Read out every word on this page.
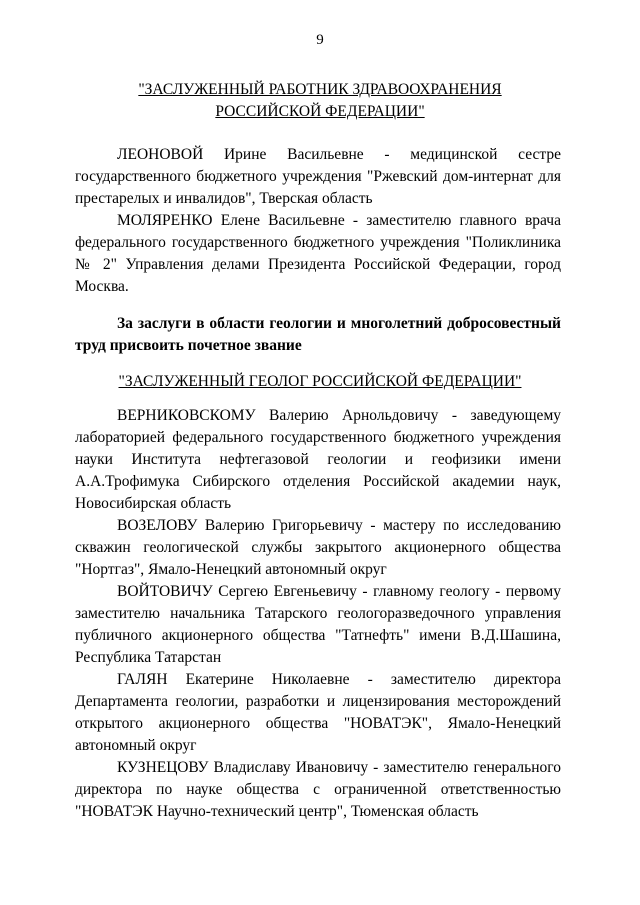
9
"ЗАСЛУЖЕННЫЙ РАБОТНИК ЗДРАВООХРАНЕНИЯ
РОССИЙСКОЙ ФЕДЕРАЦИИ"

ЛЕОНОВОЙ Ирине Васильевне - медицинской сестре государственного бюджетного учреждения "Ржевский дом-интернат для престарелых и инвалидов", Тверская область

МОЛЯРЕНКО Елене Васильевне - заместителю главного врача федерального государственного бюджетного учреждения "Поликлиника № 2" Управления делами Президента Российской Федерации, город Москва.

За заслуги в области геологии и многолетний добросовестный труд присвоить почетное звание

"ЗАСЛУЖЕННЫЙ ГЕОЛОГ РОССИЙСКОЙ ФЕДЕРАЦИИ"

ВЕРНИКОВСКОМУ Валерию Арнольдовичу - заведующему лабораторией федерального государственного бюджетного учреждения науки Института нефтегазовой геологии и геофизики имени А.А.Трофимука Сибирского отделения Российской академии наук, Новосибирская область

ВОЗЕЛОВУ Валерию Григорьевичу - мастеру по исследованию скважин геологической службы закрытого акционерного общества "Нортгаз", Ямало-Ненецкий автономный округ

ВОЙТОВИЧУ Сергею Евгеньевичу - главному геологу - первому заместителю начальника Татарского геологоразведочного управления публичного акционерного общества "Татнефть" имени В.Д.Шашина, Республика Татарстан

ГАЛЯН Екатерине Николаевне - заместителю директора Департамента геологии, разработки и лицензирования месторождений открытого акционерного общества "НОВАТЭК", Ямало-Ненецкий автономный округ

КУЗНЕЦОВУ Владиславу Ивановичу - заместителю генерального директора по науке общества с ограниченной ответственностью "НОВАТЭК Научно-технический центр", Тюменская область
